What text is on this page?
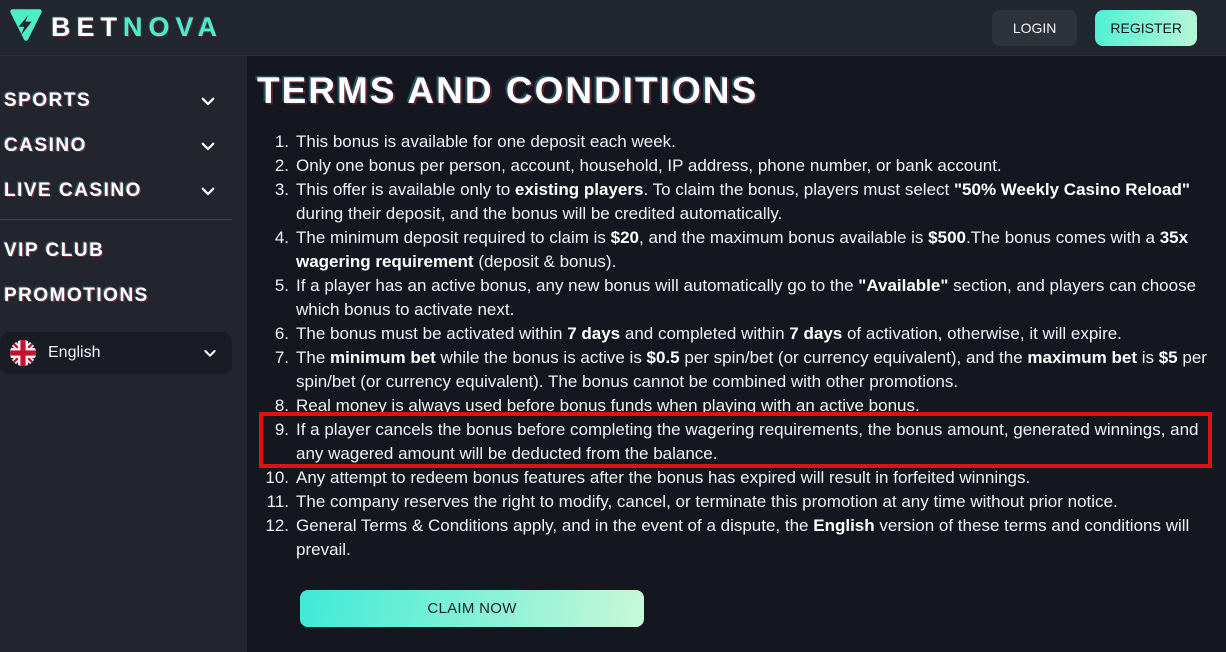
BETNOVA	LOGIN	REGISTER
SPORTS
CASINO
LIVE CASINO
VIP CLUB
PROMOTIONS
English
TERMS AND CONDITIONS
1. This bonus is available for one deposit each week.
2. Only one bonus per person, account, household, IP address, phone number, or bank account.
3. This offer is available only to existing players. To claim the bonus, players must select "50% Weekly Casino Reload" during their deposit, and the bonus will be credited automatically.
4. The minimum deposit required to claim is $20, and the maximum bonus available is $500.The bonus comes with a 35x wagering requirement (deposit & bonus).
5. If a player has an active bonus, any new bonus will automatically go to the "Available" section, and players can choose which bonus to activate next.
6. The bonus must be activated within 7 days and completed within 7 days of activation, otherwise, it will expire.
7. The minimum bet while the bonus is active is $0.5 per spin/bet (or currency equivalent), and the maximum bet is $5 per spin/bet (or currency equivalent). The bonus cannot be combined with other promotions.
8. Real money is always used before bonus funds when playing with an active bonus.
9. If a player cancels the bonus before completing the wagering requirements, the bonus amount, generated winnings, and any wagered amount will be deducted from the balance.
10. Any attempt to redeem bonus features after the bonus has expired will result in forfeited winnings.
11. The company reserves the right to modify, cancel, or terminate this promotion at any time without prior notice.
12. General Terms & Conditions apply, and in the event of a dispute, the English version of these terms and conditions will prevail.
CLAIM NOW
